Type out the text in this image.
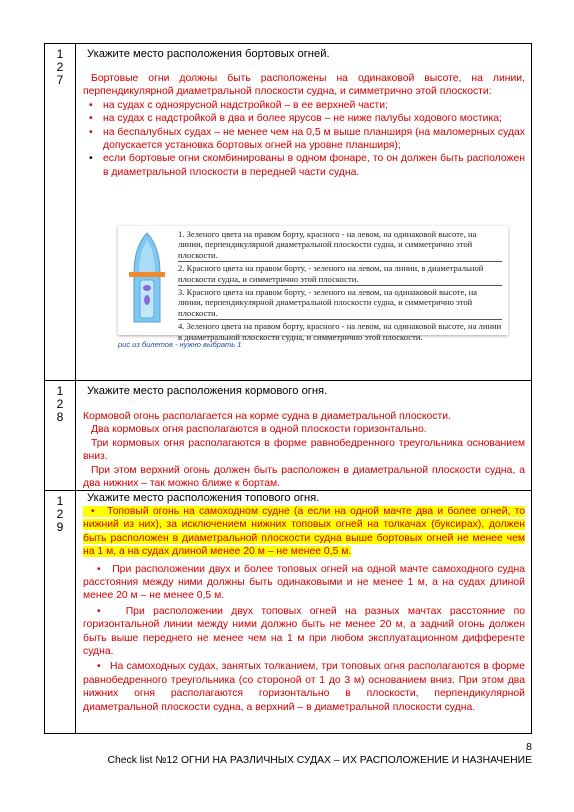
1
2
7

Укажите место расположения бортовых огней.

Бортовые огни должны быть расположены на одинаковой высоте, на линии, перпендикулярной диаметральной плоскости судна, и симметрично этой плоскости:

• на судах с одноярусной надстройкой – в ее верхней части;
• на судах с надстройкой в два и более ярусов – не ниже палубы ходового мостика;
• на беспалубных судах – не менее чем на 0,5 м выше планширя (на маломерных судах допускается установка бортовых огней на уровне планширя);
• если бортовые огни скомбинированы в одном фонаре, то он должен быть расположен в диаметральной плоскости в передней части судна.
1. Зеленого цвета на правом борту, красного - на левом, на одинаковой высоте, на линии, перпендикулярной диаметральной плоскости судна, и симметрично этой плоскости.
2. Красного цвета на правом борту, - зеленого на левом, на линии, в диаметральной плоскости судна, и симметрично этой плоскости.
3. Красного цвета на правом борту, - зеленого на левом, на одинаковой высоте, на линии, перпендикулярной диаметральной плоскости судна, и симметрично этой плоскости.
4. Зеленого цвета на правом борту, красного - на левом, на одинаковой высоте, на линии в диаметральной плоскости судна, и симметрично этой плоскости.
рис из билетов - нужно выбрать 1
1
2
8

Укажите место расположения кормового огня.

Кормовой огонь располагается на корме судна в диаметральной плоскости.

Два кормовых огня располагаются в одной плоскости горизонтально.

Три кормовых огня располагаются в форме равнобедренного треугольника основанием вниз.

При этом верхний огонь должен быть расположен в диаметральной плоскости судна, а два нижних – так можно ближе к бортам.

1
2
9

Укажите место расположения топового огня.

•   Топовый огонь на самоходном судне (а если на одной мачте два и более огней, то нижний из них), за исключением нижних топовых огней на толкачах (буксирах), должен быть расположен в диаметральной плоскости судна выше бортовых огней не менее чем на 1 м, а на судах длиной менее 20 м – не менее 0,5 м.

•   При расположении двух и более топовых огней на одной мачте самоходного судна расстояния между ними должны быть одинаковыми и не менее 1 м, а на судах длиной менее 20 м – не менее 0,5 м.

•   При расположении двух топовых огней на разных мачтах расстояние по горизонтальной линии между ними должно быть не менее 20 м, а задний огонь должен быть выше переднего не менее чем на 1 м при любом эксплуатационном дифференте судна.

•   На самоходных судах, занятых толканием, три топовых огня располагаются в форме равнобедренного треугольника (со стороной от 1 до 3 м) основанием вниз. При этом два нижних огня располагаются горизонтально в плоскости, перпендикулярной диаметральной плоскости судна, а верхний – в диаметральной плоскости судна.

8
Check list №12 ОГНИ НА РАЗЛИЧНЫХ СУДАХ – ИХ РАСПОЛОЖЕНИЕ И НАЗНАЧЕНИЕ
